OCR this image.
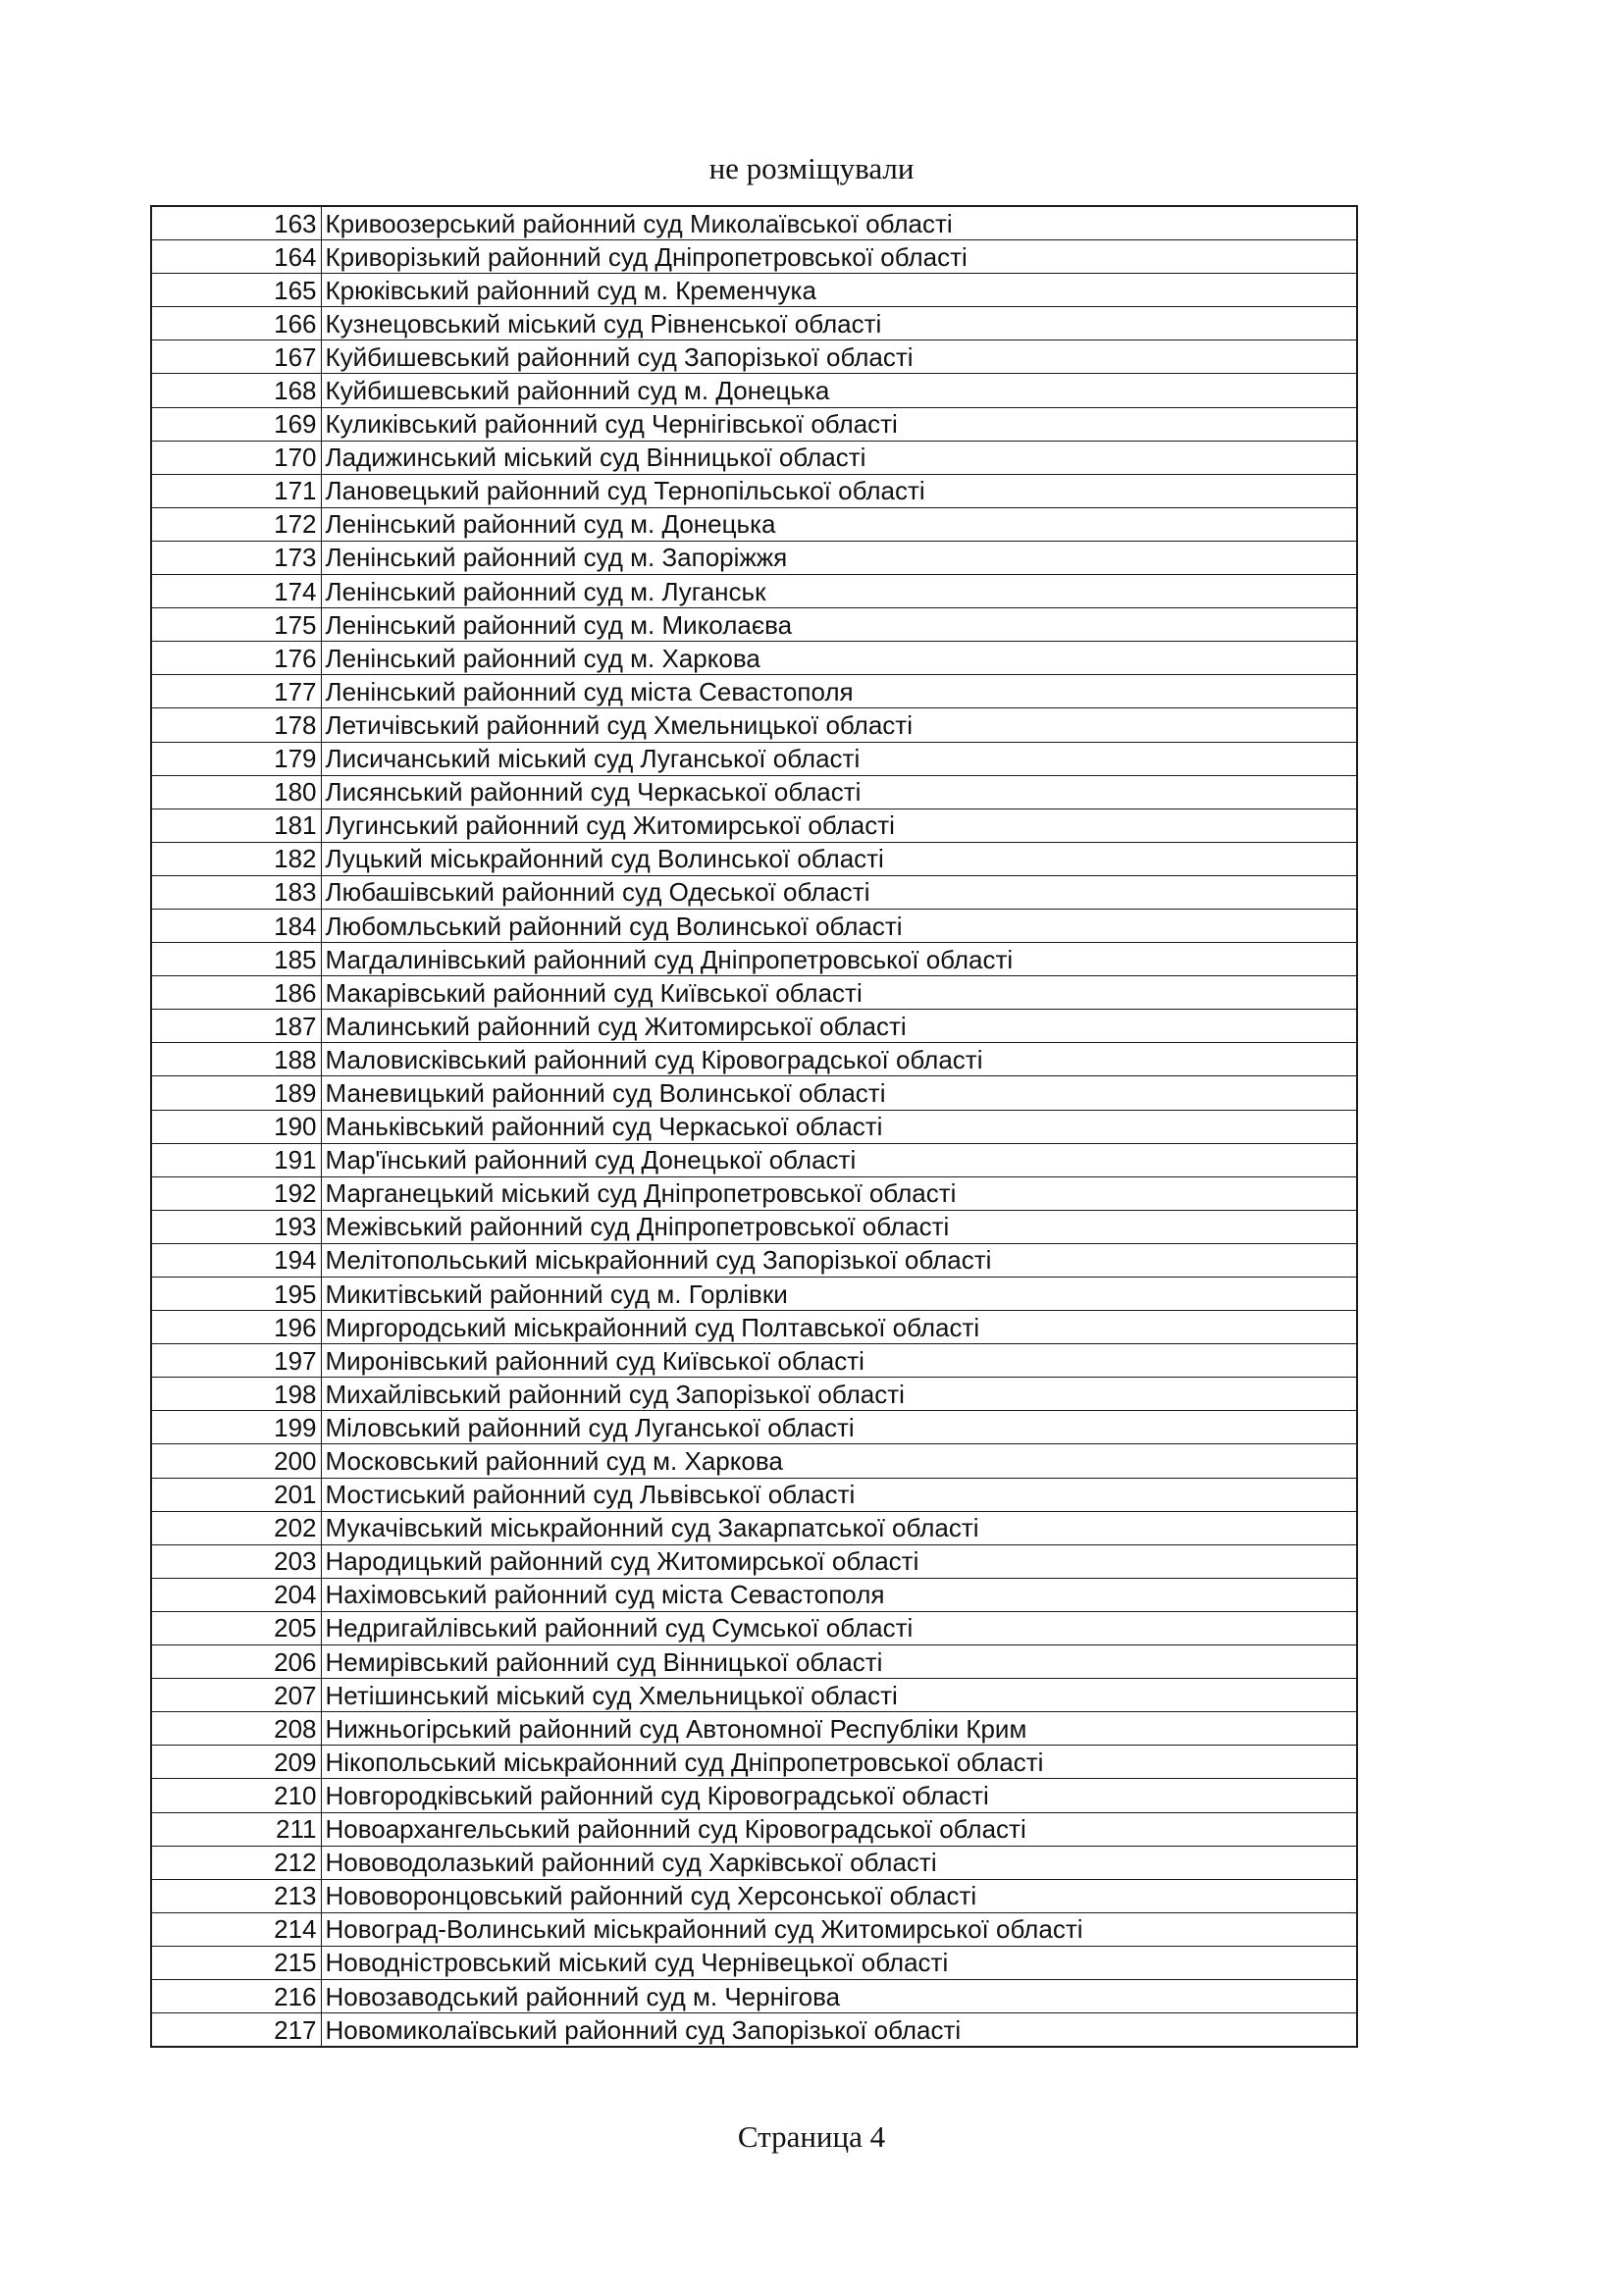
не розміщували
163	Кривоозерський районний суд Миколаївської області
164	Криворізький районний суд Дніпропетровської області
165	Крюківський районний суд м. Кременчука
166	Кузнецовський міський суд Рівненської області
167	Куйбишевський районний суд Запорізької області
168	Куйбишевський районний суд м. Донецька
169	Куликівський районний суд Чернігівської області
170	Ладижинський міський суд Вінницької області
171	Лановецький районний суд Тернопільської області
172	Ленінський районний суд м. Донецька
173	Ленінський районний суд м. Запоріжжя
174	Ленінський районний суд м. Луганськ
175	Ленінський районний суд м. Миколаєва
176	Ленінський районний суд м. Харкова
177	Ленінський районний суд міста Севастополя
178	Летичівський районний суд Хмельницької області
179	Лисичанський міський суд Луганської області
180	Лисянський районний суд Черкаської області
181	Лугинський районний суд Житомирської області
182	Луцький міськрайонний суд Волинської області
183	Любашівський районний суд Одеської області
184	Любомльський районний суд Волинської області
185	Магдалинівський районний суд Дніпропетровської області
186	Макарівський районний суд Київської області
187	Малинський районний суд Житомирської області
188	Маловисківський районний суд Кіровоградської області
189	Маневицький районний суд Волинської області
190	Маньківський районний суд Черкаської області
191	Мар'їнський районний суд Донецької області
192	Марганецький міський суд Дніпропетровської області
193	Межівський районний суд Дніпропетровської області
194	Мелітопольський міськрайонний суд Запорізької області
195	Микитівський районний суд м. Горлівки
196	Миргородський міськрайонний суд Полтавської області
197	Миронівський районний суд Київської області
198	Михайлівський районний суд Запорізької області
199	Міловський районний суд Луганської області
200	Московський районний суд м. Харкова
201	Мостиський районний суд Львівської області
202	Мукачівський міськрайонний суд Закарпатської області
203	Народицький районний суд Житомирської області
204	Нахімовський районний суд міста Севастополя
205	Недригайлівський районний суд Сумської області
206	Немирівський районний суд Вінницької області
207	Нетішинський міський суд Хмельницької області
208	Нижньогірський районний суд Автономної Республіки Крим
209	Нікопольський міськрайонний суд Дніпропетровської області
210	Новгородківський районний суд Кіровоградської області
211	Новоархангельський районний суд Кіровоградської області
212	Нововодолазький районний суд Харківської області
213	Нововоронцовський районний суд Херсонської області
214	Новоград-Волинський міськрайонний суд Житомирської області
215	Новодністровський міський суд Чернівецької області
216	Новозаводський районний суд м. Чернігова
217	Новомиколаївський районний суд Запорізької області
Страница 4
